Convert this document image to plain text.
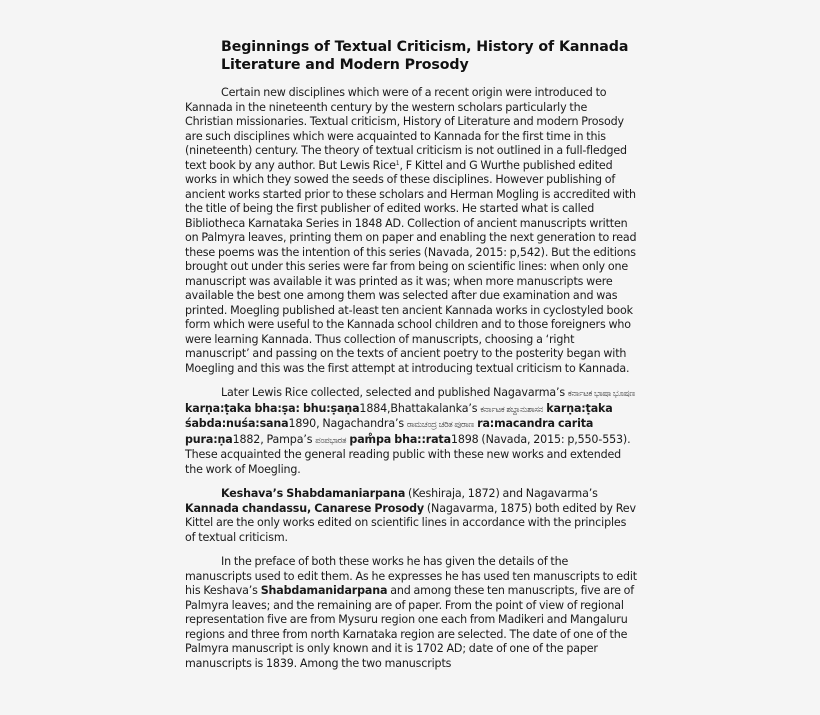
Beginnings of Textual Criticism, History of Kannada Literature and Modern Prosody

Certain new disciplines which were of a recent origin were introduced to Kannada in the nineteenth century by the western scholars particularly the Christian missionaries. Textual criticism, History of Literature and modern Prosody are such disciplines which were acquainted to Kannada for the first time in this (nineteenth) century. The theory of textual criticism is not outlined in a full-fledged text book by any author. But Lewis Rice$^1$, F Kittel and G Wurthe published edited works in which they sowed the seeds of these disciplines. However publishing of ancient works started prior to these scholars and Herman Mogling is accredited with the title of being the first publisher of edited works. He started what is called Bibliotheca Karnataka Series in 1848 AD. Collection of ancient manuscripts written on Palmyra leaves, printing them on paper and enabling the next generation to read these poems was the intention of this series (Navada, 2015: p,542). But the editions brought out under this series were far from being on scientific lines: when only one manuscript was available it was printed as it was; when more manuscripts were available the best one among them was selected after due examination and was printed. Moegling published at-least ten ancient Kannada works in cyclostyled book form which were useful to the Kannada school children and to those foreigners who were learning Kannada. Thus collection of manuscripts, choosing a ‘right manuscript’ and passing on the texts of ancient poetry to the posterity began with Moegling and this was the first attempt at introducing textual criticism to Kannada.

Later Lewis Rice collected, selected and published Nagavarma’s ಕರ್ನಾಟಕ ಭಾಷಾ ಭೂಷಣ karṇa:ṭaka bha:ṣa: bhu:ṣaṇa1884,Bhattakalanka’s ಕರ್ನಾಟಕ ಶಬ್ದಾನುಶಾಸನ karṇa:ṭaka śabda:nuśa:sana1890, Nagachandra’s ರಾಮಚಂದ್ರ ಚರಿತ ಪುರಾಣ ra:macandra carita pura:ṇa1882, Pampa’s ಪಂಪಭಾರತ pam̊pa bha::rata1898 (Navada, 2015: p,550-553). These acquainted the general reading public with these new works and extended the work of Moegling.

Keshava’s Shabdamaniarpana (Keshiraja, 1872) and Nagavarma’s Kannada chandassu, Canarese Prosody (Nagavarma, 1875) both edited by Rev Kittel are the only works edited on scientific lines in accordance with the principles of textual criticism.

In the preface of both these works he has given the details of the manuscripts used to edit them. As he expresses he has used ten manuscripts to edit his Keshava’s Shabdamanidarpana and among these ten manuscripts, five are of Palmyra leaves; and the remaining are of paper. From the point of view of regional representation five are from Mysuru region one each from Madikeri and Mangaluru regions and three from north Karnataka region are selected. The date of one of the Palmyra manuscript is only known and it is 1702 AD; date of one of the paper manuscripts is 1839. Among the two manuscripts
